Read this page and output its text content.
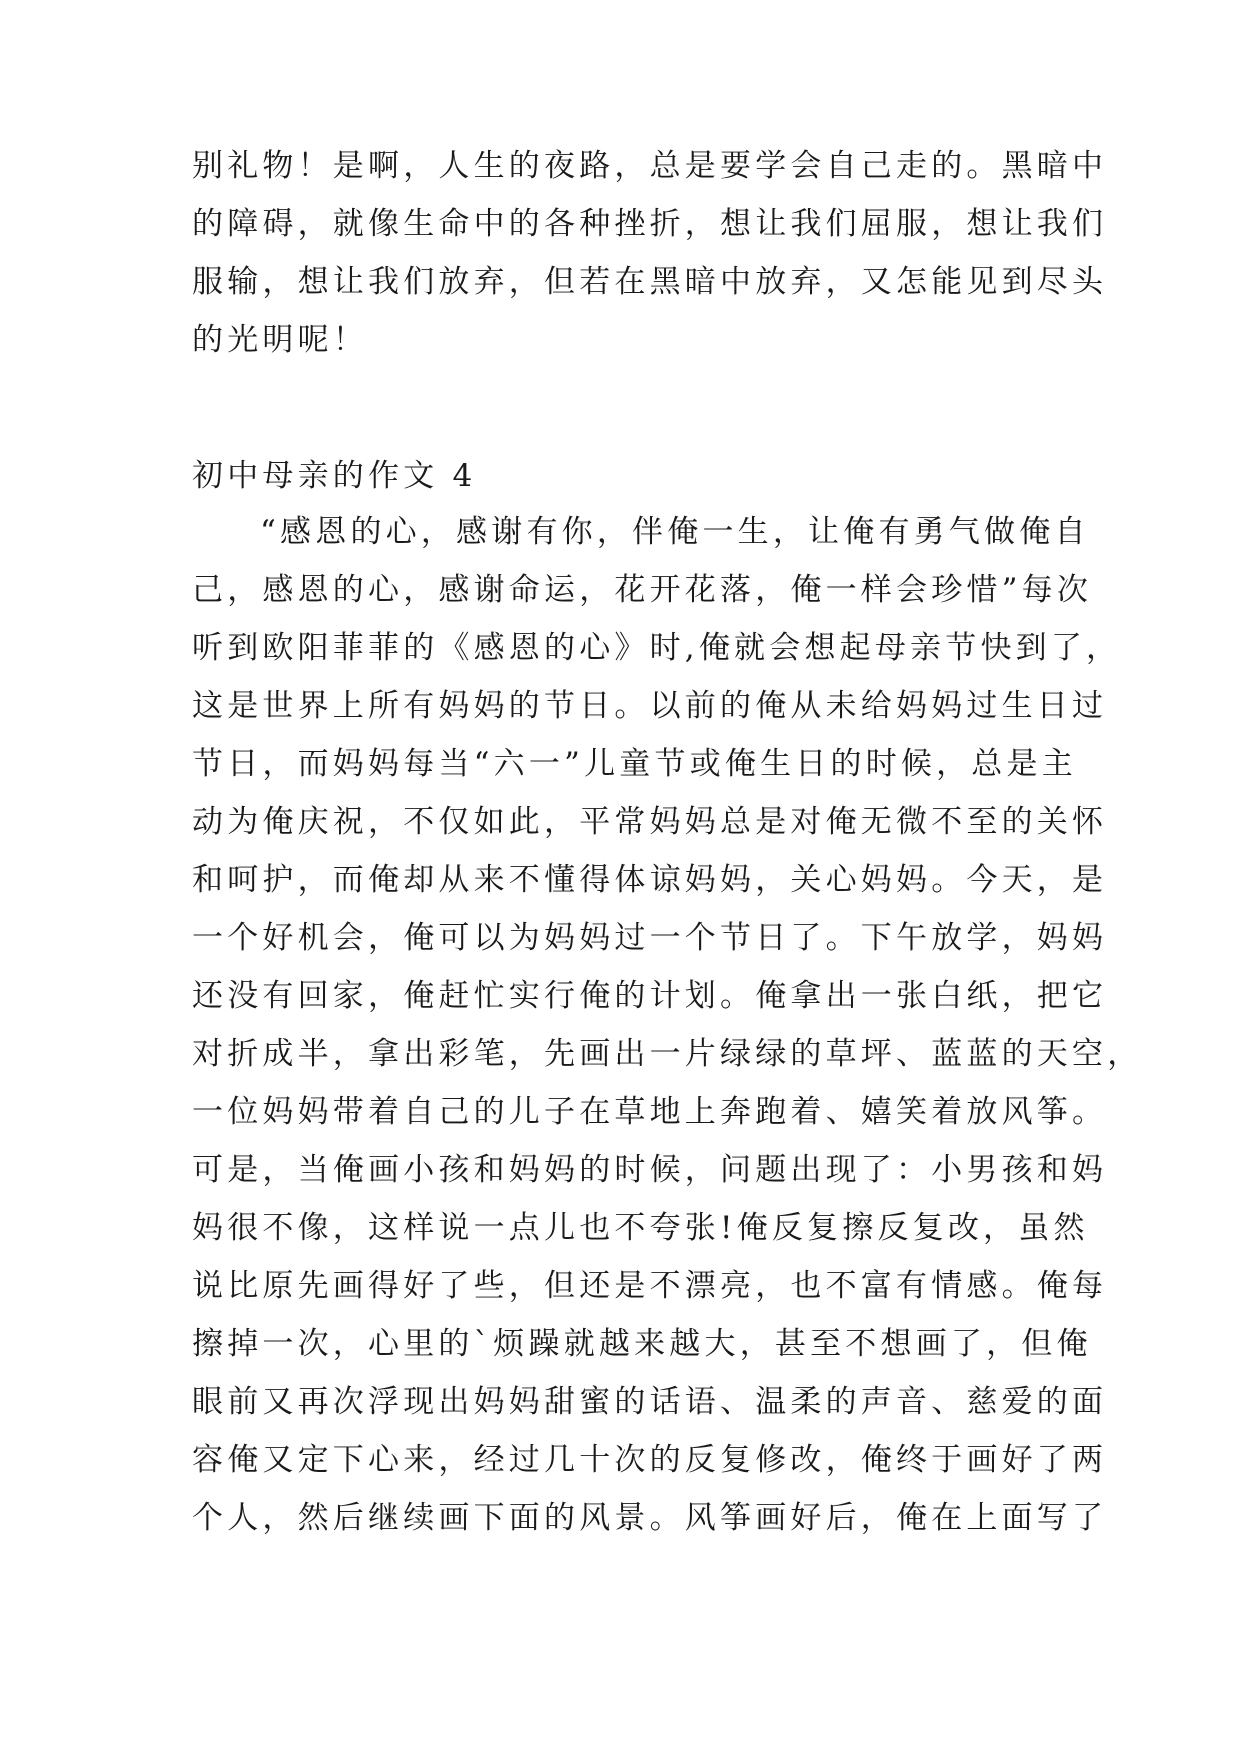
别礼物！是啊，人生的夜路，总是要学会自己走的。黑暗中
的障碍，就像生命中的各种挫折，想让我们屈服，想让我们
服输，想让我们放弃，但若在黑暗中放弃，又怎能见到尽头
的光明呢！
初中母亲的作文 4
“感恩的心，感谢有你，伴俺一生，让俺有勇气做俺自
己，感恩的心，感谢命运，花开花落，俺一样会珍惜”每次
听到欧阳菲菲的《感恩的心》时,俺就会想起母亲节快到了，
这是世界上所有妈妈的节日。以前的俺从未给妈妈过生日过
节日，而妈妈每当“六一”儿童节或俺生日的时候，总是主
动为俺庆祝，不仅如此，平常妈妈总是对俺无微不至的关怀
和呵护，而俺却从来不懂得体谅妈妈，关心妈妈。今天，是
一个好机会，俺可以为妈妈过一个节日了。下午放学，妈妈
还没有回家，俺赶忙实行俺的计划。俺拿出一张白纸，把它
对折成半，拿出彩笔，先画出一片绿绿的草坪、蓝蓝的天空，
一位妈妈带着自己的儿子在草地上奔跑着、嬉笑着放风筝。
可是，当俺画小孩和妈妈的时候，问题出现了：小男孩和妈
妈很不像，这样说一点儿也不夸张!俺反复擦反复改，虽然
说比原先画得好了些，但还是不漂亮，也不富有情感。俺每
擦掉一次，心里的`烦躁就越来越大，甚至不想画了，但俺
眼前又再次浮现出妈妈甜蜜的话语、温柔的声音、慈爱的面
容俺又定下心来，经过几十次的反复修改，俺终于画好了两
个人，然后继续画下面的风景。风筝画好后，俺在上面写了
